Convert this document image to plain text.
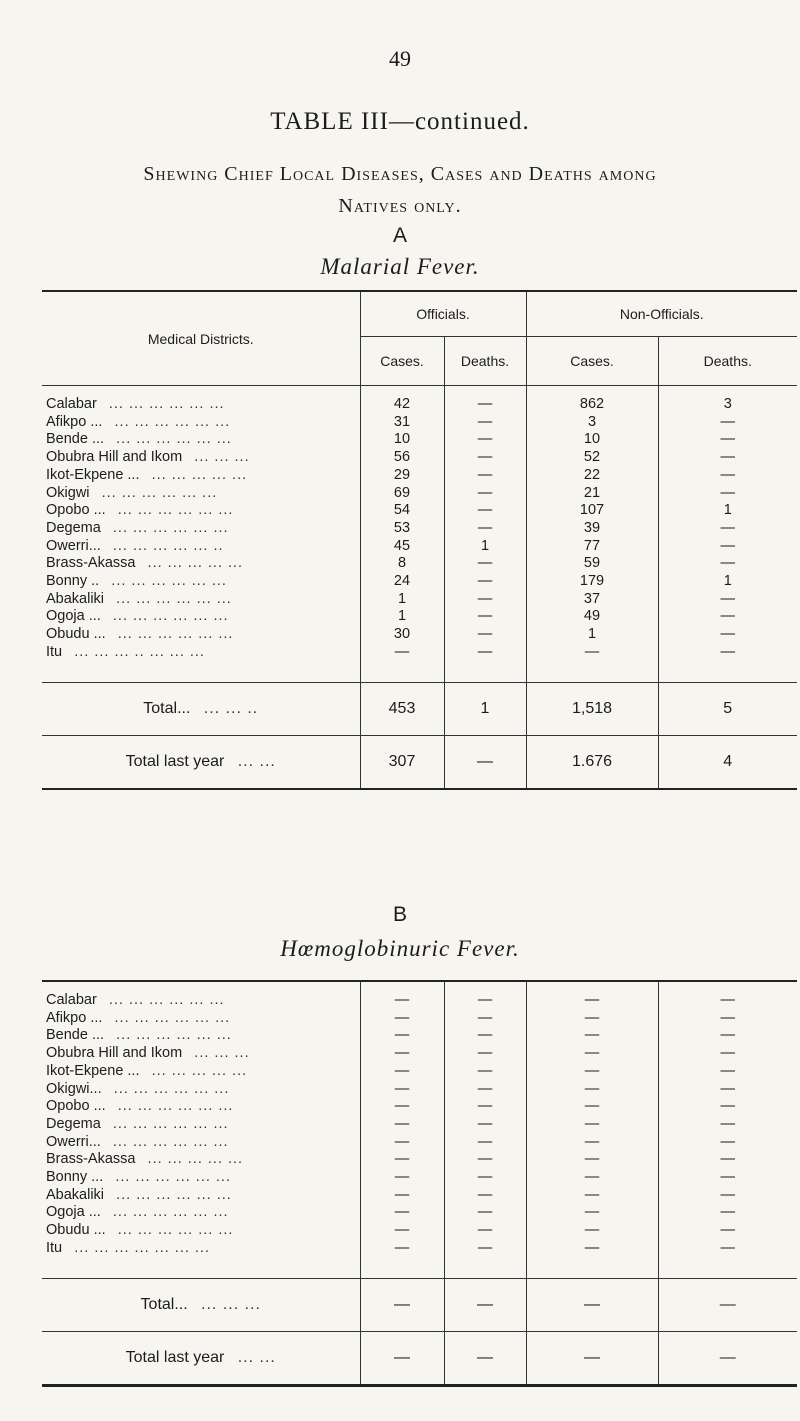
49
TABLE III—continued.
Shewing Chief Local Diseases, Cases and Deaths among
Natives only.
A
Malarial Fever.
Medical Districts.	Officials.		Non-Officials.	
	Cases.	Deaths.	Cases.	Deaths.

Calabar ... ... ... ... ... ...	42	—	862	3
Afikpo ... ... ... ... ... ... ...	31	—	3	—
Bende ... ... ... ... ... ... ...	10	—	10	—
Obubra Hill and Ikom ... ... ...	56	—	52	—
Ikot-Ekpene ... ... ... ... ... ...	29	—	22	—
Okigwi ... ... ... ... ... ...	69	—	21	—
Opobo ... ... ... ... ... ... ...	54	—	107	1
Degema ... ... ... ... ... ...	53	—	39	—
Owerri... ... ... ... ... ... ..	45	1	77	—
Brass-Akassa ... ... ... ... ...	8	—	59	—
Bonny .. ... ... ... ... ... ...	24	—	179	1
Abakaliki ... ... ... ... ... ...	1	—	37	—
Ogoja ... ... ... ... ... ... ...	1	—	49	—
Obudu ... ... ... ... ... ... ...	30	—	1	—
Itu ... ... ... .. ... ... ...	—	—	—	—

Total... ... ... ..	453	1	1,518	5
Total last year ... ...	307	—	1.676	4
B
Hœmoglobinuric Fever.

Calabar ... ... ... ... ... ...	—	—	—	—
Afikpo ... ... ... ... ... ... ...	—	—	—	—
Bende ... ... ... ... ... ... ...	—	—	—	—
Obubra Hill and Ikom ... ... ...	—	—	—	—
Ikot-Ekpene ... ... ... ... ... ...	—	—	—	—
Okigwi... ... ... ... ... ... ...	—	—	—	—
Opobo ... ... ... ... ... ... ...	—	—	—	—
Degema ... ... ... ... ... ...	—	—	—	—
Owerri... ... ... ... ... ... ...	—	—	—	—
Brass-Akassa ... ... ... ... ...	—	—	—	—
Bonny ... ... ... ... ... ... ...	—	—	—	—
Abakaliki ... ... ... ... ... ...	—	—	—	—
Ogoja ... ... ... ... ... ... ...	—	—	—	—
Obudu ... ... ... ... ... ... ...	—	—	—	—
Itu ... ... ... ... ... ... ...	—	—	—	—

Total... ... ... ...	—	—	—	—
Total last year ... ...	—	—	—	—
